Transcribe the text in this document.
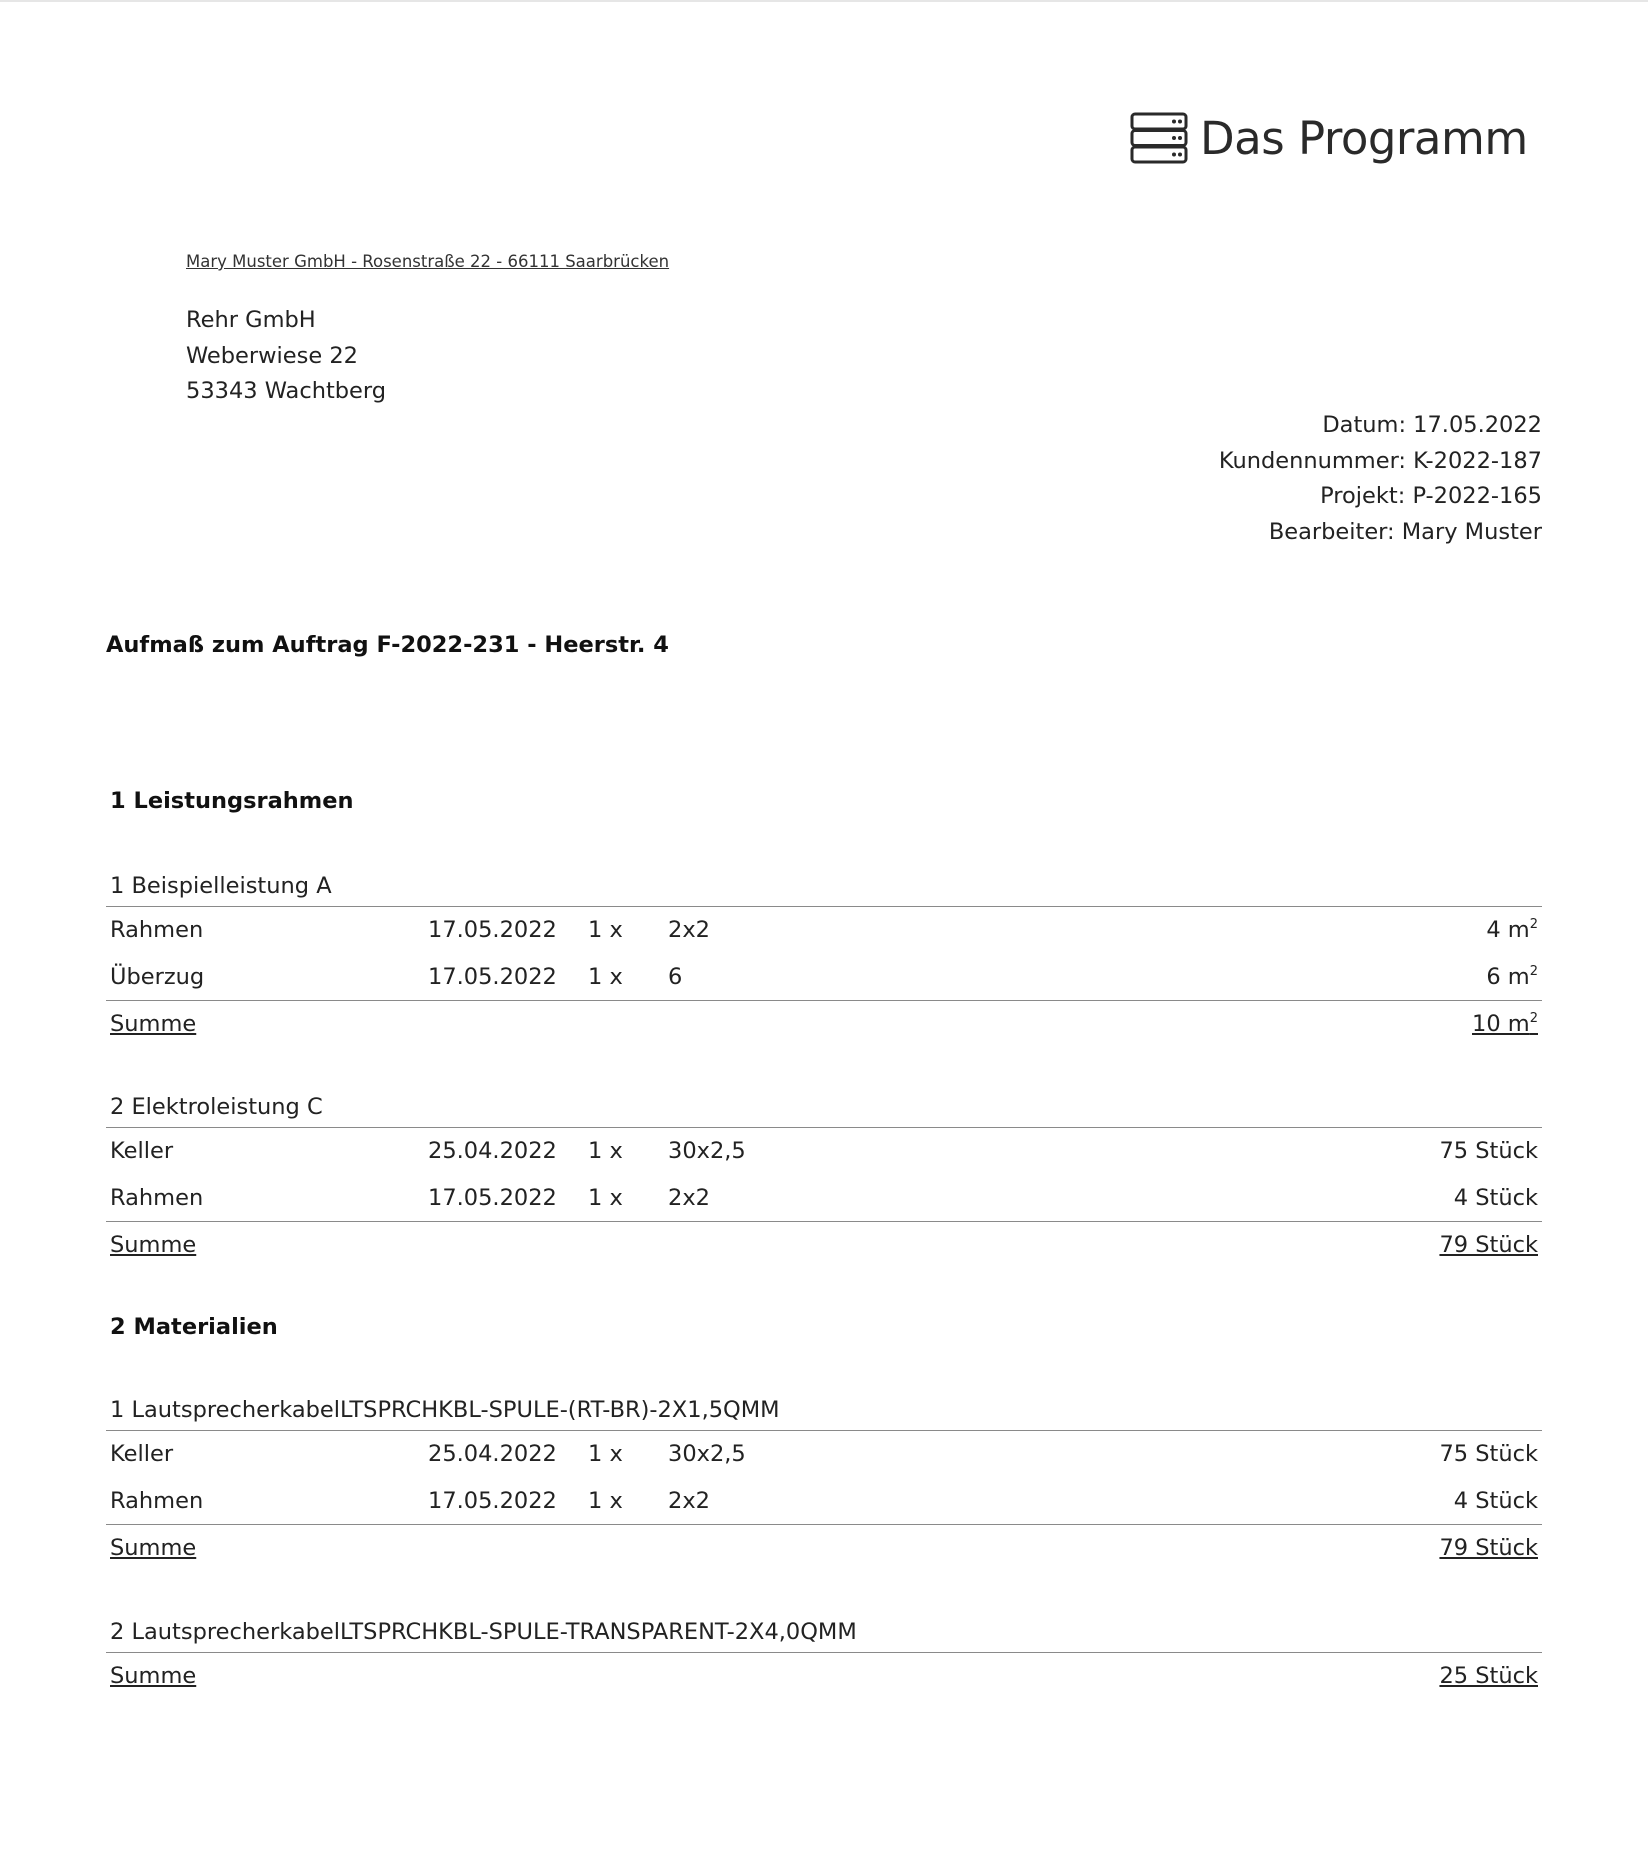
Das Programm
Mary Muster GmbH - Rosenstraße 22 - 66111 Saarbrücken
Rehr GmbH
Weberwiese 22
53343 Wachtberg
Datum: 17.05.2022
Kundennummer: K-2022-187
Projekt: P-2022-165
Bearbeiter: Mary Muster
Aufmaß zum Auftrag F-2022-231 - Heerstr. 4
1 Leistungsrahmen
1 Beispielleistung A
Rahmen	17.05.2022 1 x 2x2	4 $m^2$
Überzug	17.05.2022 1 x 6	6 $m^2$
Summe	10 $m^2$
2 Elektroleistung C
Keller	25.04.2022 1 x 30x2,5	75 Stück
Rahmen	17.05.2022 1 x 2x2	4 Stück
Summe	79 Stück
2 Materialien
1 LautsprecherkabelLTSPRCHKBL-SPULE-(RT-BR)-2X1,5QMM
Keller	25.04.2022 1 x 30x2,5	75 Stück
Rahmen	17.05.2022 1 x 2x2	4 Stück
Summe	79 Stück
2 LautsprecherkabelLTSPRCHKBL-SPULE-TRANSPARENT-2X4,0QMM
Summe	25 Stück
